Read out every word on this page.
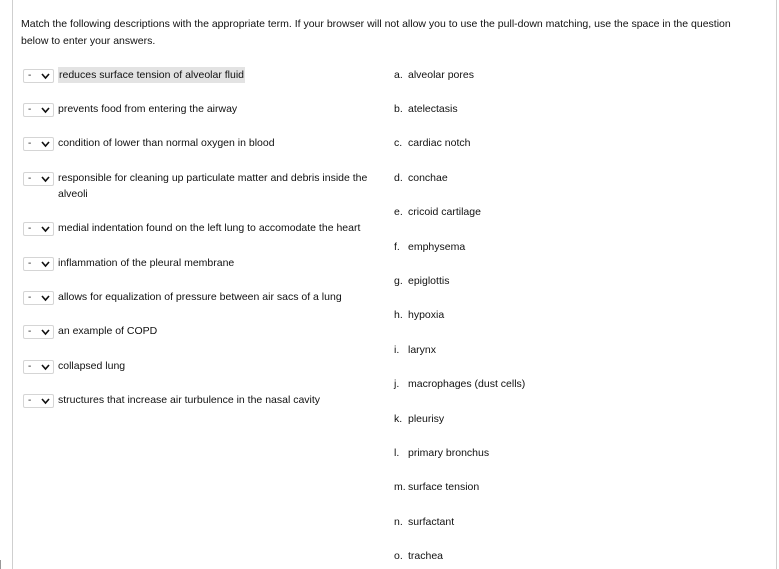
Match the following descriptions with the appropriate term. If your browser will not allow you to use the pull-down matching, use the space in the question below to enter your answers.
-	reduces surface tension of alveolar fluid
-	prevents food from entering the airway
-	condition of lower than normal oxygen in blood
-	responsible for cleaning up particulate matter and debris inside the alveoli
-	medial indentation found on the left lung to accomodate the heart
-	inflammation of the pleural membrane
-	allows for equalization of pressure between air sacs of a lung
-	an example of COPD
-	collapsed lung
-	structures that increase air turbulence in the nasal cavity
a. alveolar pores
b. atelectasis
c. cardiac notch
d. conchae
e. cricoid cartilage
f. emphysema
g. epiglottis
h. hypoxia
i. larynx
j. macrophages (dust cells)
k. pleurisy
l. primary bronchus
m. surface tension
n. surfactant
o. trachea
